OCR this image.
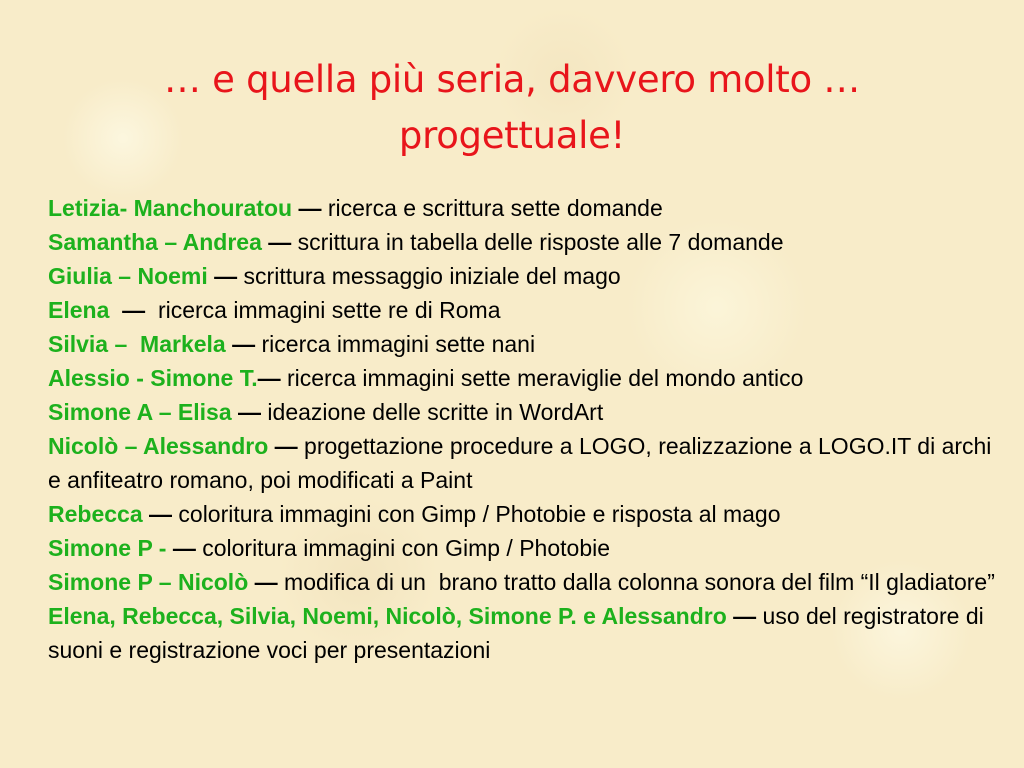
… e quella più seria, davvero molto …
progettuale!

Letizia- Manchouratou — ricerca e scrittura sette domande

Samantha – Andrea — scrittura in tabella delle risposte alle 7 domande

Giulia – Noemi — scrittura messaggio iniziale del mago

Elena  —  ricerca immagini sette re di Roma

Silvia –  Markela — ricerca immagini sette nani

Alessio - Simone T.— ricerca immagini sette meraviglie del mondo antico

Simone A – Elisa — ideazione delle scritte in WordArt

Nicolò – Alessandro — progettazione procedure a LOGO, realizzazione a LOGO.IT di archi e anfiteatro romano, poi modificati a Paint

Rebecca — coloritura immagini con Gimp / Photobie e risposta al mago

Simone P - — coloritura immagini con Gimp / Photobie

Simone P – Nicolò — modifica di un  brano tratto dalla colonna sonora del film “Il gladiatore”

Elena, Rebecca, Silvia, Noemi, Nicolò, Simone P. e Alessandro — uso del registratore di suoni e registrazione voci per presentazioni
